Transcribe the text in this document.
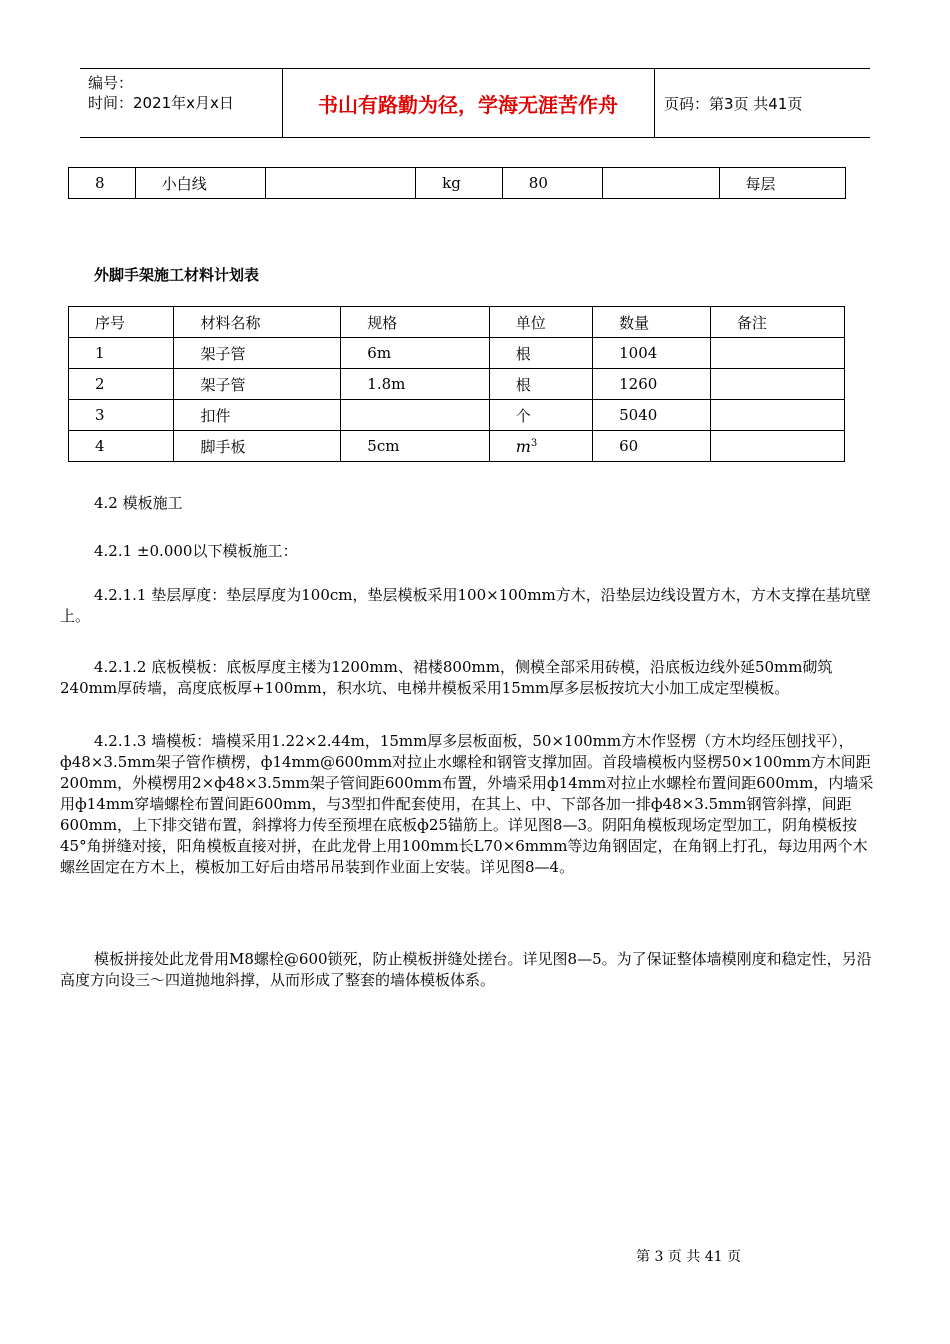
编号：
时间：2021年x月x日	书山有路勤为径，学海无涯苦作舟	页码：第3页 共41页
8	小白线		kg	80		每层
外脚手架施工材料计划表
序号	材料名称	规格	单位	数量	备注
1	架子管	6m	根	1004	
2	架子管	1.8m	根	1260	
3	扣件		个	5040	
4	脚手板	5cm	$m^3$	60	
4.2 模板施工
4.2.1 ±0.000以下模板施工：
4.2.1.1 垫层厚度：垫层厚度为100cm，垫层模板采用100×100mm方木，沿垫层边线设置方木，方木支撑在基坑壁上。
4.2.1.2 底板模板：底板厚度主楼为1200mm、裙楼800mm，侧模全部采用砖模，沿底板边线外延50mm砌筑240mm厚砖墙，高度底板厚+100mm，积水坑、电梯井模板采用15mm厚多层板按坑大小加工成定型模板。
4.2.1.3 墙模板：墙模采用1.22×2.44m，15mm厚多层板面板，50×100mm方木作竖楞（方木均经压刨找平），ф48×3.5mm架子管作横楞，ф14mm@600mm对拉止水螺栓和钢管支撑加固。首段墙模板内竖楞50×100mm方木间距200mm，外模楞用2×ф48×3.5mm架子管间距600mm布置，外墙采用ф14mm对拉止水螺栓布置间距600mm，内墙采用ф14mm穿墙螺栓布置间距600mm，与3型扣件配套使用，在其上、中、下部各加一排ф48×3.5mm钢管斜撑，间距600mm，上下排交错布置，斜撑将力传至预埋在底板ф25锚筋上。详见图8—3。阴阳角模板现场定型加工，阴角模板按45°角拼缝对接，阳角模板直接对拼，在此龙骨上用100mm长L70×6mmm等边角钢固定，在角钢上打孔，每边用两个木螺丝固定在方木上，模板加工好后由塔吊吊装到作业面上安装。详见图8—4。
模板拼接处此龙骨用M8螺栓@600锁死，防止模板拼缝处搓台。详见图8—5。为了保证整体墙模刚度和稳定性，另沿高度方向设三～四道抛地斜撑，从而形成了整套的墙体模板体系。
第 3 页 共 41 页
